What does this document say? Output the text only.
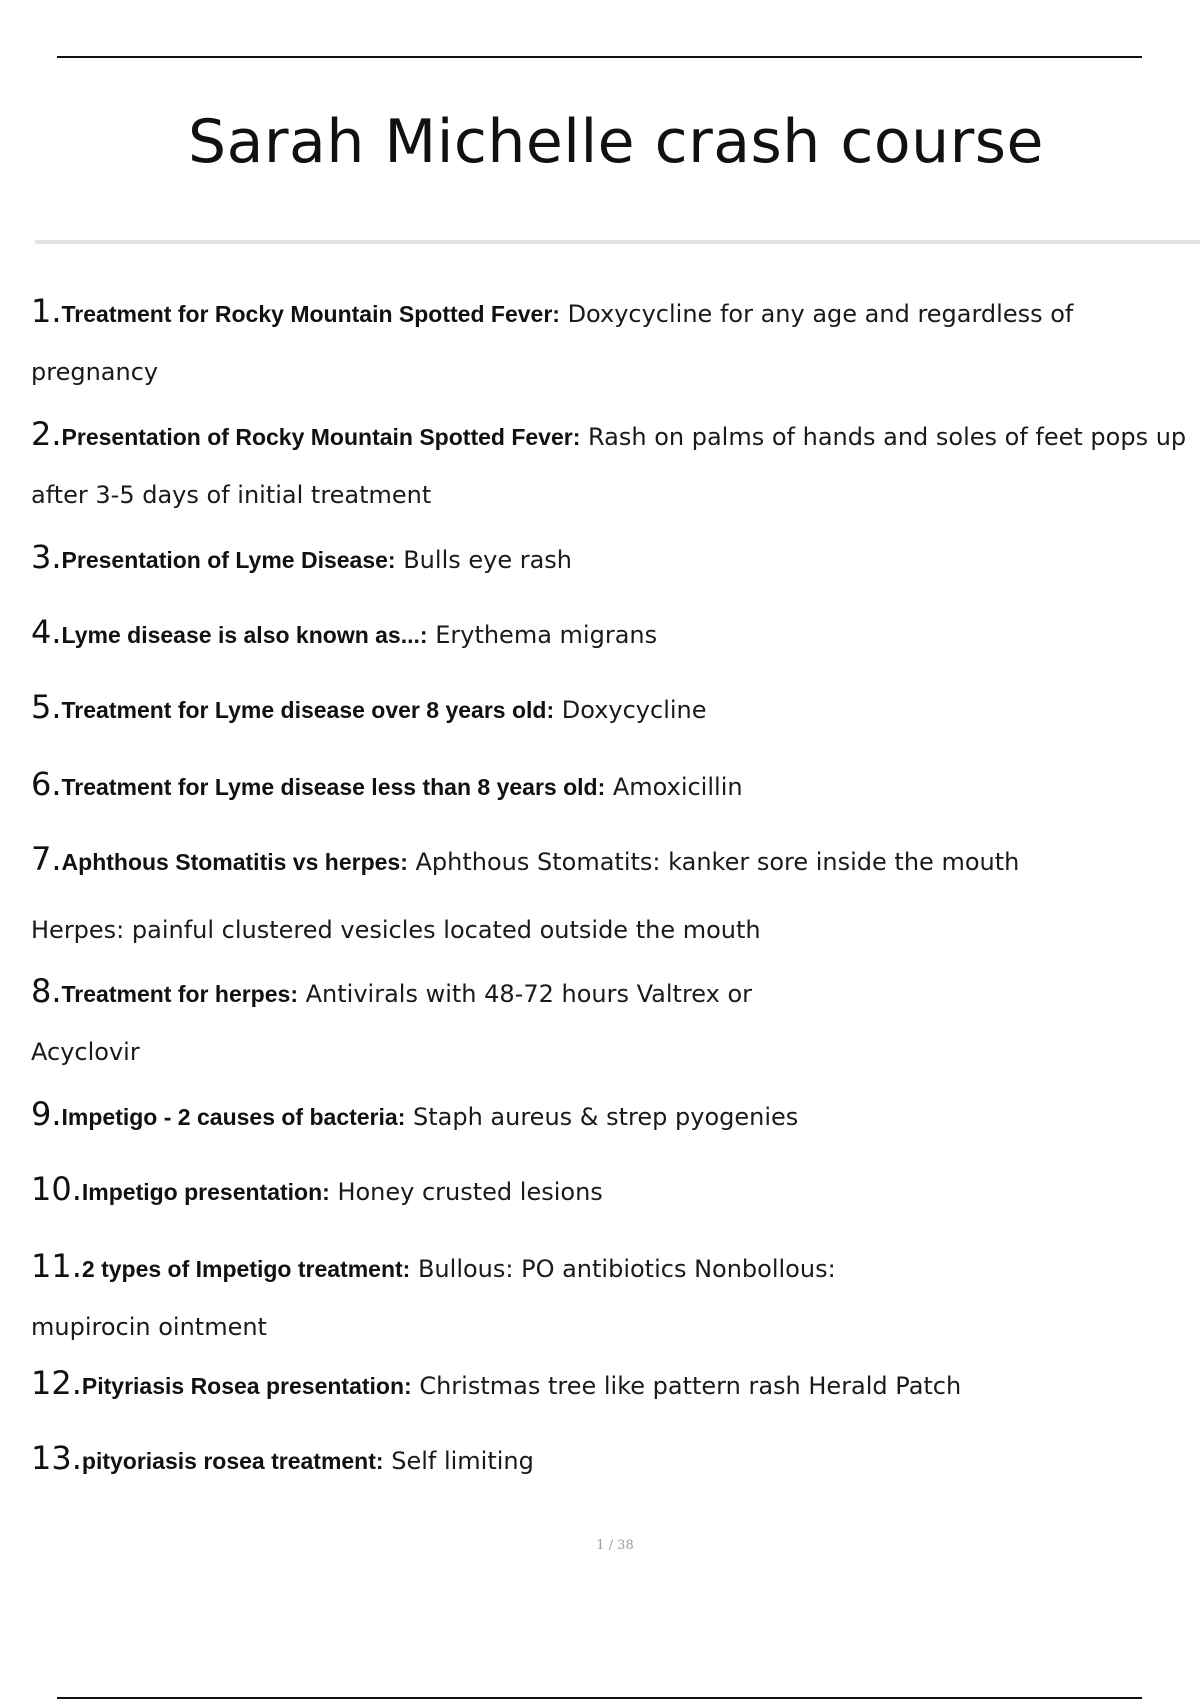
Sarah Michelle crash course
1.Treatment for Rocky Mountain Spotted Fever: Doxycycline for any age and regardless of pregnancy
2.Presentation of Rocky Mountain Spotted Fever: Rash on palms of hands and soles of feet pops up after 3-5 days of initial treatment
3.Presentation of Lyme Disease: Bulls eye rash
4.Lyme disease is also known as...: Erythema migrans
5.Treatment for Lyme disease over 8 years old: Doxycycline
6.Treatment for Lyme disease less than 8 years old: Amoxicillin
7.Aphthous Stomatitis vs herpes: Aphthous Stomatits: kanker sore inside the mouth
Herpes: painful clustered vesicles located outside the mouth
8.Treatment for herpes: Antivirals with 48-72 hours Valtrex or
Acyclovir
9.Impetigo - 2 causes of bacteria: Staph aureus & strep pyogenies
10.Impetigo presentation: Honey crusted lesions
11.2 types of Impetigo treatment: Bullous: PO antibiotics Nonbollous:
mupirocin ointment
12.Pityriasis Rosea presentation: Christmas tree like pattern rash Herald Patch
13.pityoriasis rosea treatment: Self limiting
1 / 38
